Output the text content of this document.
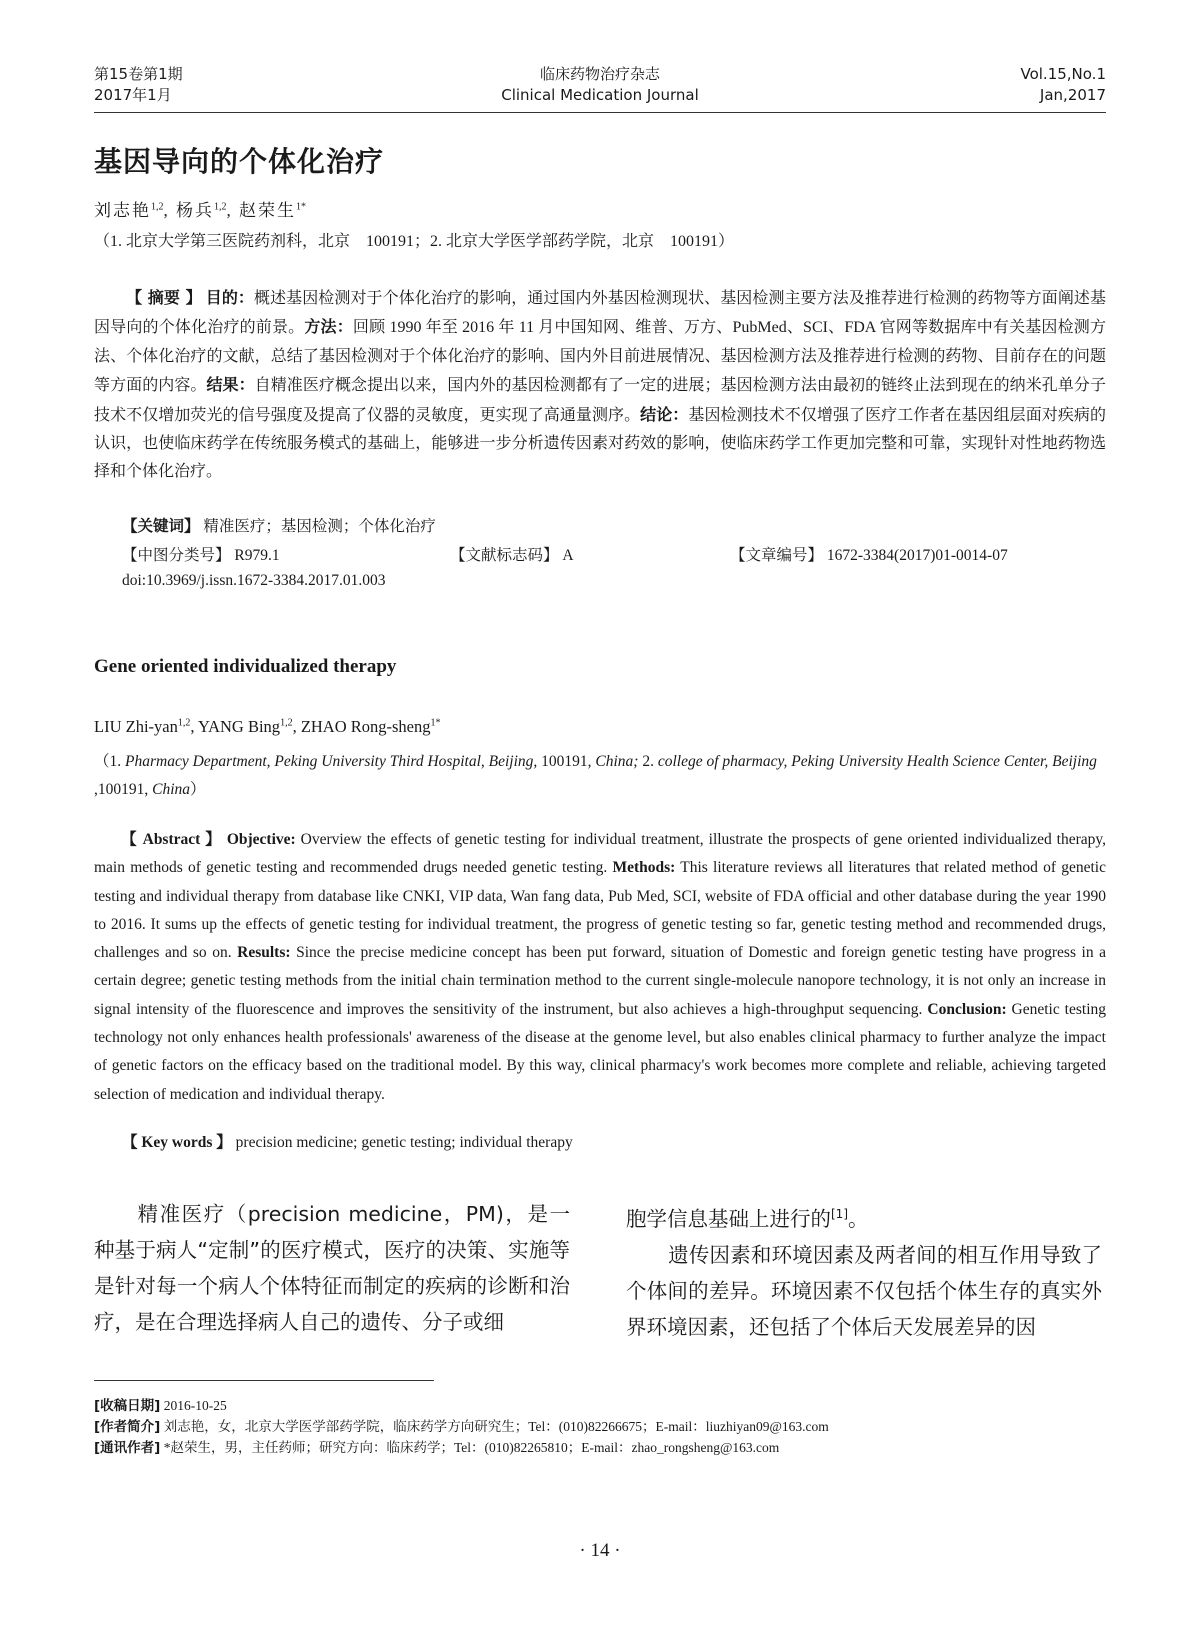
第15卷第1期
2017年1月
临床药物治疗杂志
Clinical Medication Journal
Vol.15,No.1
Jan,2017
基因导向的个体化治疗
刘志艳$^{1,2}$, 杨兵$^{1,2}$, 赵荣生$^{1*}$
（1. 北京大学第三医院药剂科，北京　100191；2. 北京大学医学部药学院，北京　100191）
【 摘要 】 目的：概述基因检测对于个体化治疗的影响，通过国内外基因检测现状、基因检测主要方法及推荐进行检测的药物等方面阐述基因导向的个体化治疗的前景。方法：回顾 1990 年至 2016 年 11 月中国知网、维普、万方、PubMed、SCI、FDA 官网等数据库中有关基因检测方法、个体化治疗的文献，总结了基因检测对于个体化治疗的影响、国内外目前进展情况、基因检测方法及推荐进行检测的药物、目前存在的问题等方面的内容。结果：自精准医疗概念提出以来，国内外的基因检测都有了一定的进展；基因检测方法由最初的链终止法到现在的纳米孔单分子技术不仅增加荧光的信号强度及提高了仪器的灵敏度，更实现了高通量测序。结论：基因检测技术不仅增强了医疗工作者在基因组层面对疾病的认识，也使临床药学在传统服务模式的基础上，能够进一步分析遗传因素对药效的影响，使临床药学工作更加完整和可靠，实现针对性地药物选择和个体化治疗。
【关键词】 精准医疗；基因检测；个体化治疗
【中图分类号】 R979.1	【文献标志码】 A	【文章编号】 1672-3384(2017)01-0014-07
doi:10.3969/j.issn.1672-3384.2017.01.003
Gene oriented individualized therapy
LIU Zhi-yan$^{1,2}$, YANG Bing$^{1,2}$, ZHAO Rong-sheng$^{1*}$
（1. Pharmacy Department, Peking University Third Hospital, Beijing, 100191, China; 2. college of pharmacy, Peking University Health Science Center, Beijing ,100191, China）
【 Abstract 】 Objective: Overview the effects of genetic testing for individual treatment, illustrate the prospects of gene oriented individualized therapy, main methods of genetic testing and recommended drugs needed genetic testing. Methods: This literature reviews all literatures that related method of genetic testing and individual therapy from database like CNKI, VIP data, Wan fang data, Pub Med, SCI, website of FDA official and other database during the year 1990 to 2016. It sums up the effects of genetic testing for individual treatment, the progress of genetic testing so far, genetic testing method and recommended drugs, challenges and so on. Results: Since the precise medicine concept has been put forward, situation of Domestic and foreign genetic testing have progress in a certain degree; genetic testing methods from the initial chain termination method to the current single-molecule nanopore technology, it is not only an increase in signal intensity of the fluorescence and improves the sensitivity of the instrument, but also achieves a high-throughput sequencing. Conclusion: Genetic testing technology not only enhances health professionals' awareness of the disease at the genome level, but also enables clinical pharmacy to further analyze the impact of genetic factors on the efficacy based on the traditional model. By this way, clinical pharmacy's work becomes more complete and reliable, achieving targeted selection of medication and individual therapy.
【 Key words 】 precision medicine; genetic testing; individual therapy
精准医疗（precision medicine，PM)，是一种基于病人“定制”的医疗模式，医疗的决策、实施等是针对每一个病人个体特征而制定的疾病的诊断和治疗，是在合理选择病人自己的遗传、分子或细
胞学信息基础上进行的[1]。
遗传因素和环境因素及两者间的相互作用导致了个体间的差异。环境因素不仅包括个体生存的真实外界环境因素，还包括了个体后天发展差异的因
[收稿日期] 2016-10-25
[作者简介] 刘志艳，女，北京大学医学部药学院，临床药学方向研究生；Tel：(010)82266675；E-mail：liuzhiyan09@163.com
[通讯作者] *赵荣生，男，主任药师；研究方向：临床药学；Tel：(010)82265810；E-mail：zhao_rongsheng@163.com
· 14 ·
